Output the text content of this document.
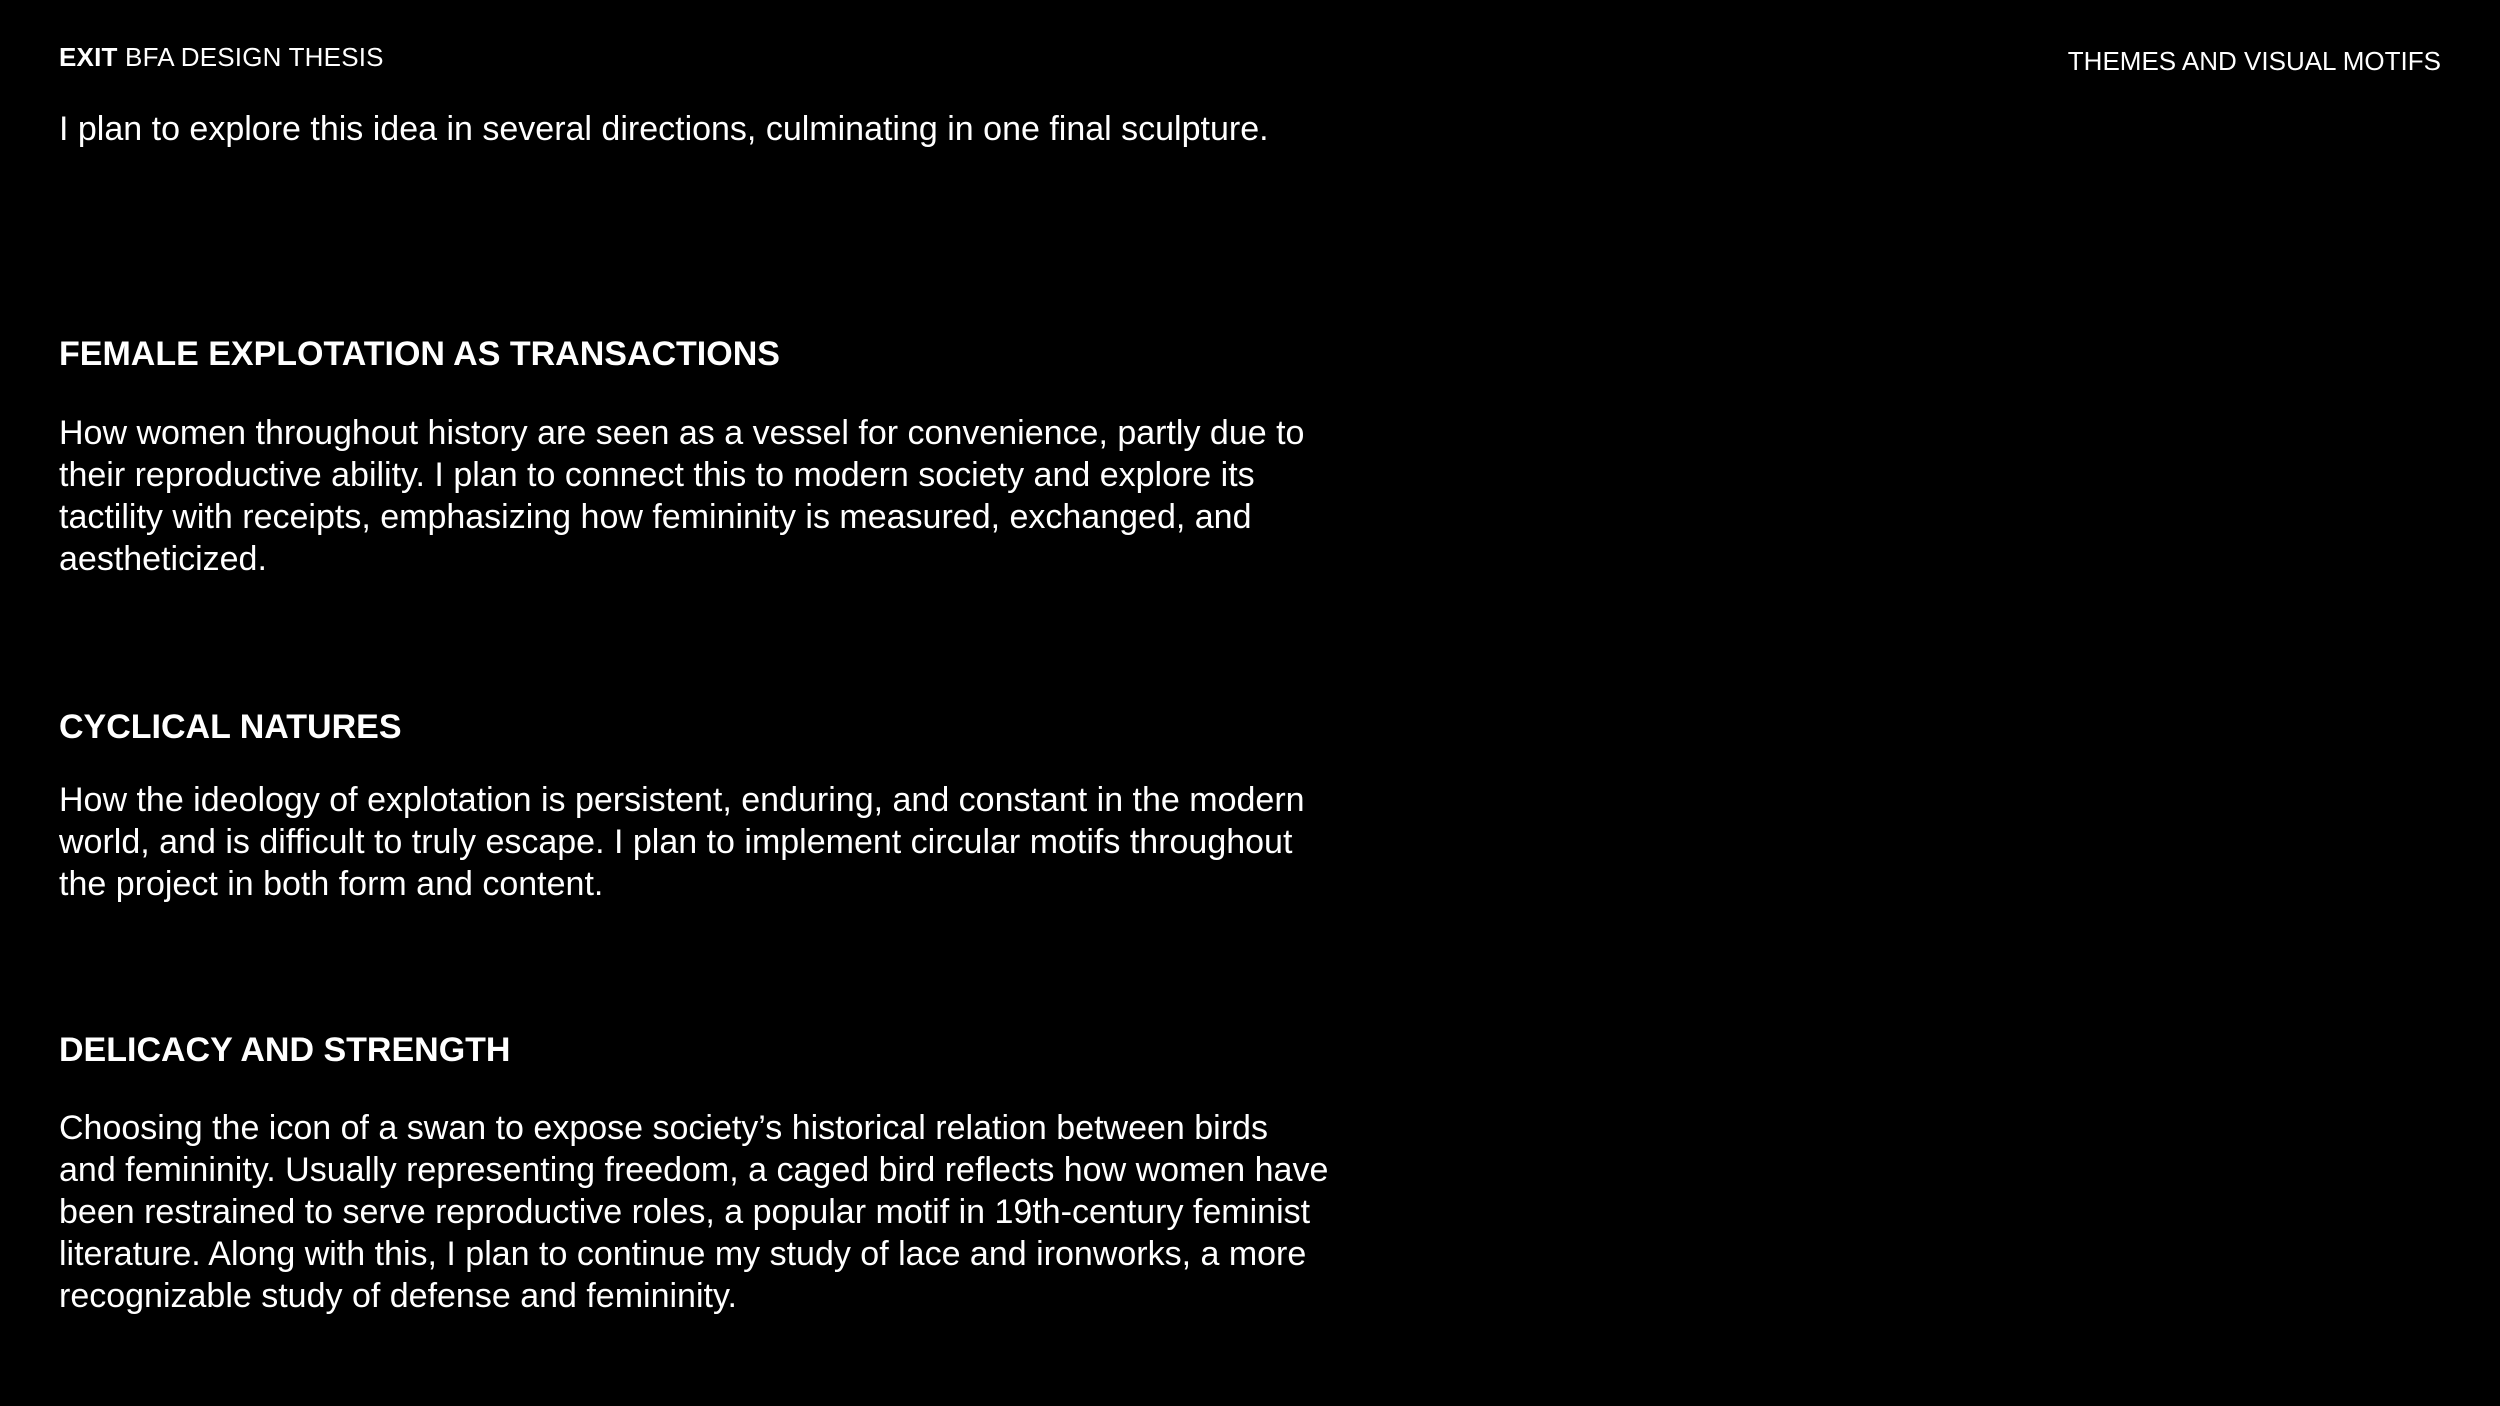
EXIT BFA DESIGN THESIS	THEMES AND VISUAL MOTIFS
I plan to explore this idea in several directions, culminating in one final sculpture.
FEMALE EXPLOTATION AS TRANSACTIONS
How women throughout history are seen as a vessel for convenience, partly due to their reproductive ability. I plan to connect this to modern society and explore its tactility with receipts, emphasizing how femininity is measured, exchanged, and aestheticized.
CYCLICAL NATURES
How the ideology of explotation is persistent, enduring, and constant in the modern world, and is difficult to truly escape. I plan to implement circular motifs throughout the project in both form and content.
DELICACY AND STRENGTH
Choosing the icon of a swan to expose society’s historical relation between birds and femininity. Usually representing freedom, a caged bird reflects how women have been restrained to serve reproductive roles, a popular motif in 19th-century feminist literature. Along with this, I plan to continue my study of lace and ironworks, a more recognizable study of defense and femininity.
